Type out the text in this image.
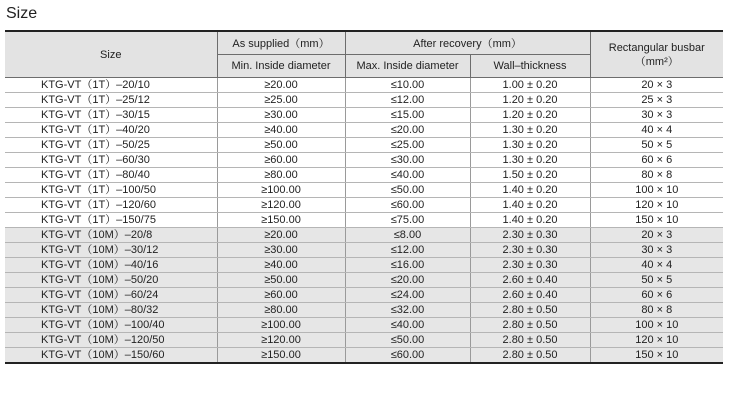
Size
Size	As supplied（mm）	After recovery（mm）		Rectangular busbar
（mm²）
	Min. Inside diameter	Max. Inside diameter	Wall–thickness	
KTG-VT（1T）–20/10	≥20.00	≤10.00	1.00 ± 0.20	20 × 3
KTG-VT（1T）–25/12	≥25.00	≤12.00	1.20 ± 0.20	25 × 3
KTG-VT（1T）–30/15	≥30.00	≤15.00	1.20 ± 0.20	30 × 3
KTG-VT（1T）–40/20	≥40.00	≤20.00	1.30 ± 0.20	40 × 4
KTG-VT（1T）–50/25	≥50.00	≤25.00	1.30 ± 0.20	50 × 5
KTG-VT（1T）–60/30	≥60.00	≤30.00	1.30 ± 0.20	60 × 6
KTG-VT（1T）–80/40	≥80.00	≤40.00	1.50 ± 0.20	80 × 8
KTG-VT（1T）–100/50	≥100.00	≤50.00	1.40 ± 0.20	100 × 10
KTG-VT（1T）–120/60	≥120.00	≤60.00	1.40 ± 0.20	120 × 10
KTG-VT（1T）–150/75	≥150.00	≤75.00	1.40 ± 0.20	150 × 10
KTG-VT（10M）–20/8	≥20.00	≤8.00	2.30 ± 0.30	20 × 3
KTG-VT（10M）–30/12	≥30.00	≤12.00	2.30 ± 0.30	30 × 3
KTG-VT（10M）–40/16	≥40.00	≤16.00	2.30 ± 0.30	40 × 4
KTG-VT（10M）–50/20	≥50.00	≤20.00	2.60 ± 0.40	50 × 5
KTG-VT（10M）–60/24	≥60.00	≤24.00	2.60 ± 0.40	60 × 6
KTG-VT（10M）–80/32	≥80.00	≤32.00	2.80 ± 0.50	80 × 8
KTG-VT（10M）–100/40	≥100.00	≤40.00	2.80 ± 0.50	100 × 10
KTG-VT（10M）–120/50	≥120.00	≤50.00	2.80 ± 0.50	120 × 10
KTG-VT（10M）–150/60	≥150.00	≤60.00	2.80 ± 0.50	150 × 10
